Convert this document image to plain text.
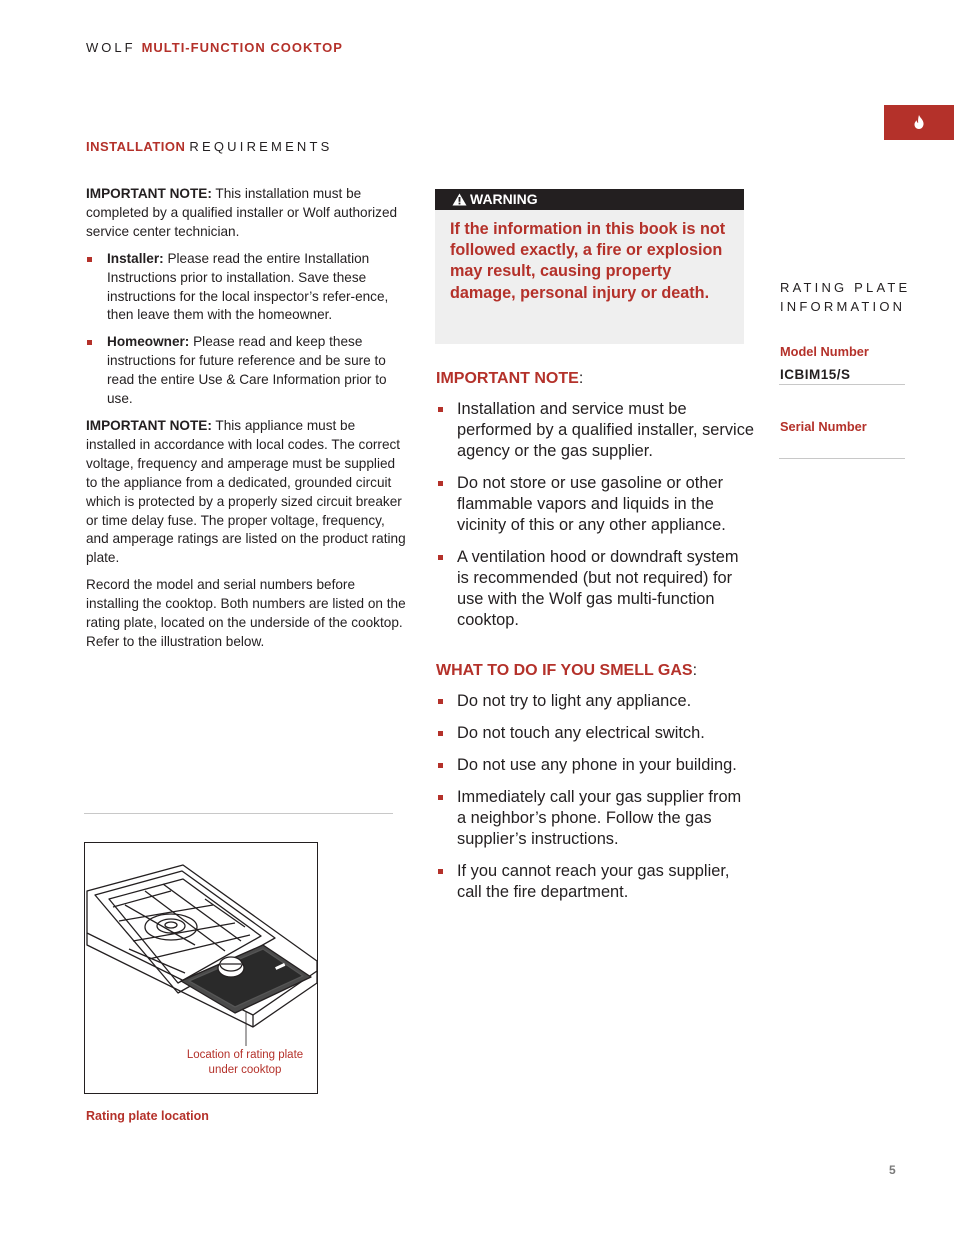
WOLF MULTI-FUNCTION COOKTOP
INSTALLATION REQUIREMENTS

IMPORTANT NOTE: This installation must be completed by a qualified installer or Wolf authorized service center technician.

Installer: Please read the entire Installation Instructions prior to installation. Save these instructions for the local inspector’s refer-ence, then leave them with the homeowner.
Homeowner: Please read and keep these instructions for future reference and be sure to read the entire Use & Care Information prior to use.

IMPORTANT NOTE: This appliance must be installed in accordance with local codes. The correct voltage, frequency and amperage must be supplied to the appliance from a dedicated, grounded circuit which is protected by a properly sized circuit breaker or time delay fuse. The proper voltage, frequency, and amperage ratings are listed on the product rating plate.

Record the model and serial numbers before installing the cooktop. Both numbers are listed on the rating plate, located on the underside of the cooktop. Refer to the illustration below.

Location of rating plate under cooktop
Rating plate location
WARNING
If the information in this book is not followed exactly, a fire or explosion may result, causing property damage, personal injury or death.
IMPORTANT NOTE:
Installation and service must be performed by a qualified installer, service agency or the gas supplier.
Do not store or use gasoline or other flammable vapors and liquids in the vicinity of this or any other appliance.
A ventilation hood or downdraft system is recommended (but not required) for use with the Wolf gas multi-function cooktop.
WHAT TO DO IF YOU SMELL GAS:
Do not try to light any appliance.
Do not touch any electrical switch.
Do not use any phone in your building.
Immediately call your gas supplier from a neighbor’s phone. Follow the gas supplier’s instructions.
If you cannot reach your gas supplier, call the fire department.
RATING PLATE
INFORMATION
Model Number
ICBIM15/S
Serial Number
5
